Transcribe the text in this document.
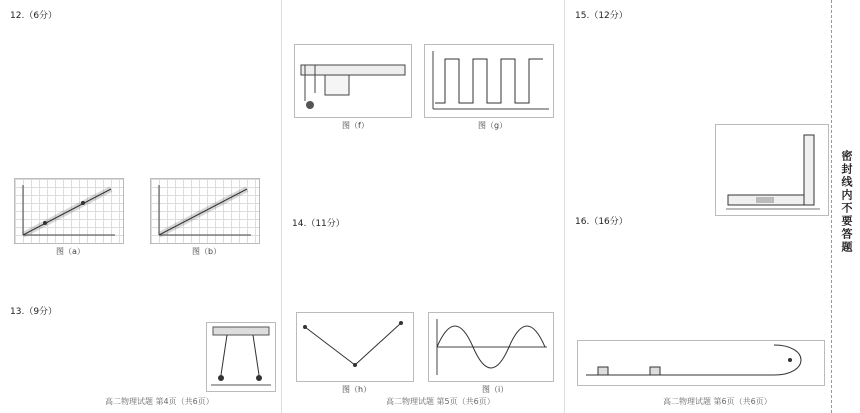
12.（6分）
图（a）	图（b）
13.（9分）
高二物理试题 第4页（共6页）
图（f）	图（g）
14.（11分）
图（h）	图（i）
高二物理试题 第5页（共6页）
15.（12分）
16.（16分）
高二物理试题 第6页（共6页）
密封线内不要答题
